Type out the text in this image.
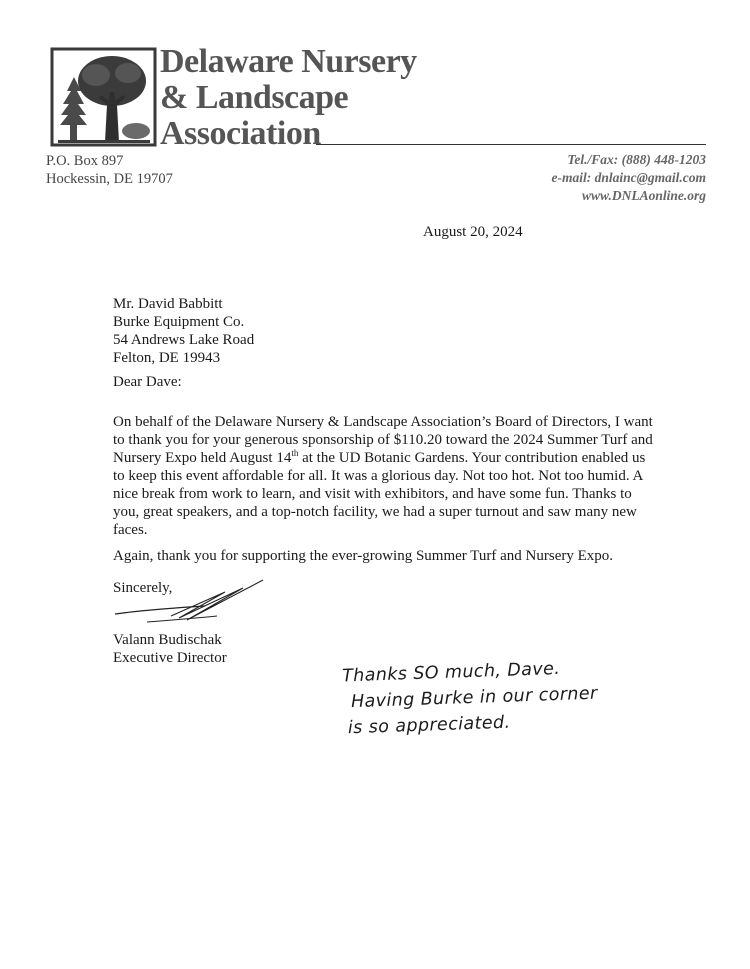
Delaware Nursery
& Landscape
Association
P.O. Box 897
Hockessin, DE 19707
Tel./Fax: (888) 448-1203
e-mail: dnlainc@gmail.com
www.DNLAonline.org
August 20, 2024
Mr. David Babbitt
Burke Equipment Co.
54 Andrews Lake Road
Felton, DE 19943
Dear Dave:
On behalf of the Delaware Nursery & Landscape Association’s Board of Directors, I want to thank you for your generous sponsorship of $110.20 toward the 2024 Summer Turf and Nursery Expo held August 14th at the UD Botanic Gardens. Your contribution enabled us to keep this event affordable for all. It was a glorious day. Not too hot. Not too humid. A nice break from work to learn, and visit with exhibitors, and have some fun. Thanks to you, great speakers, and a top-notch facility, we had a super turnout and saw many new faces.
Again, thank you for supporting the ever-growing Summer Turf and Nursery Expo.
Sincerely,
Valann Budischak
Executive Director
Thanks SO much, Dave.
Having Burke in our corner
is so appreciated.
